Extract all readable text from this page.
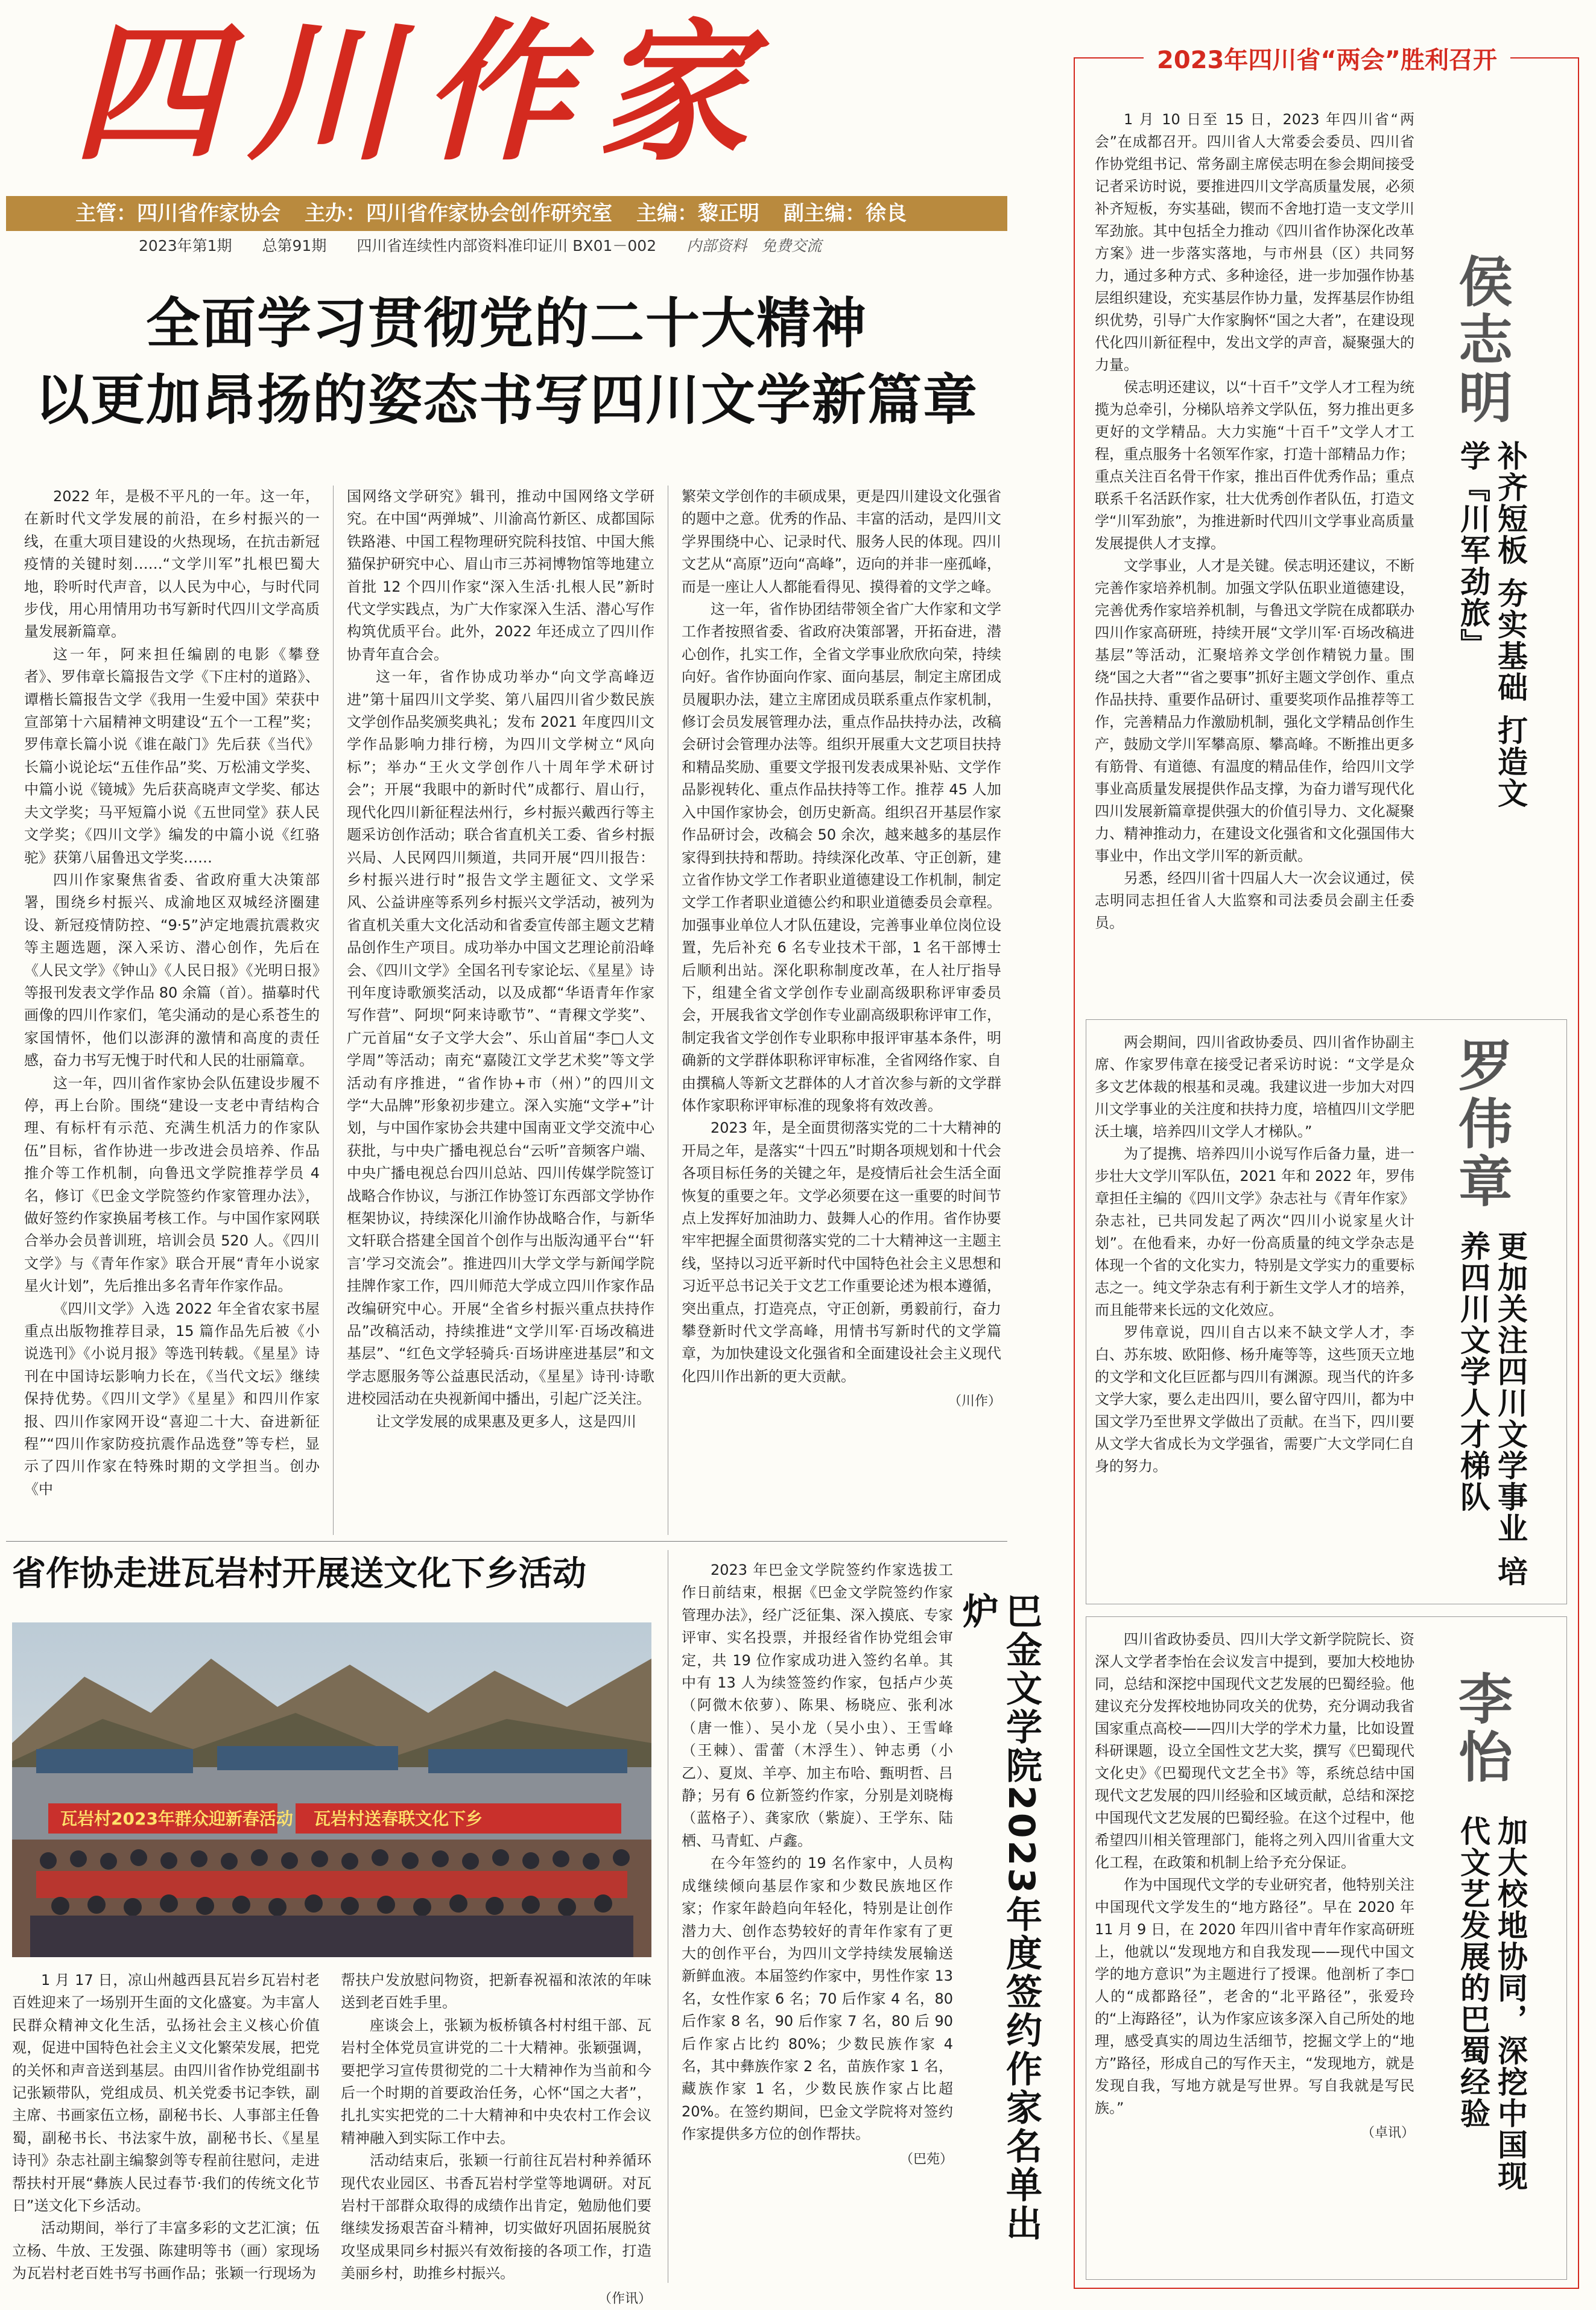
四川作家
主管：四川省作家协会 主办：四川省作家协会创作研究室 主编：黎正明 副主编：徐良
2023年第1期 总第91期 四川省连续性内部资料准印证川 BX01－002 内部资料 免费交流
全面学习贯彻党的二十大精神
以更加昂扬的姿态书写四川文学新篇章

2022 年，是极不平凡的一年。这一年，在新时代文学发展的前沿，在乡村振兴的一线，在重大项目建设的火热现场，在抗击新冠疫情的关键时刻……“文学川军”扎根巴蜀大地，聆听时代声音，以人民为中心，与时代同步伐，用心用情用功书写新时代四川文学高质量发展新篇章。

这一年，阿来担任编剧的电影《攀登者》、罗伟章长篇报告文学《下庄村的道路》、谭楷长篇报告文学《我用一生爱中国》荣获中宣部第十六届精神文明建设“五个一工程”奖；罗伟章长篇小说《谁在敲门》先后获《当代》长篇小说论坛“五佳作品”奖、万松浦文学奖、中篇小说《镜城》先后获高晓声文学奖、郁达夫文学奖；马平短篇小说《五世同堂》获人民文学奖；《四川文学》编发的中篇小说《红骆驼》获第八届鲁迅文学奖……

四川作家聚焦省委、省政府重大决策部署，围绕乡村振兴、成渝地区双城经济圈建设、新冠疫情防控、“9·5”泸定地震抗震救灾等主题选题，深入采访、潜心创作，先后在《人民文学》《钟山》《人民日报》《光明日报》等报刊发表文学作品 80 余篇（首）。描摹时代画像的四川作家们，笔尖涌动的是心系苍生的家国情怀，他们以澎湃的激情和高度的责任感，奋力书写无愧于时代和人民的壮丽篇章。

这一年，四川省作家协会队伍建设步履不停，再上台阶。围绕“建设一支老中青结构合理、有标杆有示范、充满生机活力的作家队伍”目标，省作协进一步改进会员培养、作品推介等工作机制，向鲁迅文学院推荐学员 4 名，修订《巴金文学院签约作家管理办法》，做好签约作家换届考核工作。与中国作家网联合举办会员普训班，培训会员 520 人。《四川文学》与《青年作家》联合开展“青年小说家星火计划”，先后推出多名青年作家作品。

《四川文学》入选 2022 年全省农家书屋重点出版物推荐目录，15 篇作品先后被《小说选刊》《小说月报》等选刊转载。《星星》诗刊在中国诗坛影响力长在，《当代文坛》继续保持优势。《四川文学》《星星》和四川作家报、四川作家网开设“喜迎二十大、奋进新征程”“四川作家防疫抗震作品选登”等专栏，显示了四川作家在特殊时期的文学担当。创办《中

国网络文学研究》辑刊，推动中国网络文学研究。在中国“两弹城”、川渝高竹新区、成都国际铁路港、中国工程物理研究院科技馆、中国大熊猫保护研究中心、眉山市三苏祠博物馆等地建立首批 12 个四川作家“深入生活·扎根人民”新时代文学实践点，为广大作家深入生活、潜心写作构筑优质平台。此外，2022 年还成立了四川作协青年直合会。

这一年，省作协成功举办“向文学高峰迈进”第十届四川文学奖、第八届四川省少数民族文学创作品奖颁奖典礼；发布 2021 年度四川文学作品影响力排行榜，为四川文学树立“风向标”；举办“王火文学创作八十周年学术研讨会”；开展“我眼中的新时代”成都行、眉山行，现代化四川新征程法州行，乡村振兴戴西行等主题采访创作活动；联合省直机关工委、省乡村振兴局、人民网四川频道，共同开展“四川报告：乡村振兴进行时”报告文学主题征文、文学采风、公益讲座等系列乡村振兴文学活动，被列为省直机关重大文化活动和省委宣传部主题文艺精品创作生产项目。成功举办中国文艺理论前沿峰会、《四川文学》全国名刊专家论坛、《星星》诗刊年度诗歌颁奖活动，以及成都“华语青年作家写作营”、阿坝“阿来诗歌节”、“青稞文学奖”、广元首届“女子文学大会”、乐山首届“李□人文学周”等活动；南充“嘉陵江文学艺术奖”等文学活动有序推进，“省作协+市（州）”的四川文学“大品牌”形象初步建立。深入实施“文学+”计划，与中国作家协会共建中国南亚文学交流中心获批，与中央广播电视总台“云听”音频客户端、中央广播电视总台四川总站、四川传媒学院签订战略合作协议，与浙江作协签订东西部文学协作框架协议，持续深化川渝作协战略合作，与新华文轩联合搭建全国首个创作与出版沟通平台“‘轩言’学习交流会”。推进四川大学文学与新闻学院挂牌作家工作，四川师范大学成立四川作家作品改编研究中心。开展“全省乡村振兴重点扶持作品”改稿活动，持续推进“文学川军·百场改稿进基层”、“红色文学轻骑兵·百场讲座进基层”和文学志愿服务等公益惠民活动，《星星》诗刊·诗歌进校园活动在央视新闻中播出，引起广泛关注。

让文学发展的成果惠及更多人，这是四川

繁荣文学创作的丰硕成果，更是四川建设文化强省的题中之意。优秀的作品、丰富的活动，是四川文学界围绕中心、记录时代、服务人民的体现。四川文艺从“高原”迈向“高峰”，迈向的并非一座孤峰，而是一座让人人都能看得见、摸得着的文学之峰。

这一年，省作协团结带领全省广大作家和文学工作者按照省委、省政府决策部署，开拓奋进，潜心创作，扎实工作，全省文学事业欣欣向荣，持续向好。省作协面向作家、面向基层，制定主席团成员履职办法，建立主席团成员联系重点作家机制，修订会员发展管理办法，重点作品扶持办法，改稿会研讨会管理办法等。组织开展重大文艺项目扶持和精品奖励、重要文学报刊发表成果补贴、文学作品影视转化、重点作品扶持等工作。推荐 45 人加入中国作家协会，创历史新高。组织召开基层作家作品研讨会，改稿会 50 余次，越来越多的基层作家得到扶持和帮助。持续深化改革、守正创新，建立省作协文学工作者职业道德建设工作机制，制定文学工作者职业道德公约和职业道德委员会章程。加强事业单位人才队伍建设，完善事业单位岗位设置，先后补充 6 名专业技术干部，1 名干部博士后顺利出站。深化职称制度改革，在人社厅指导下，组建全省文学创作专业副高级职称评审委员会，开展我省文学创作专业副高级职称评审工作，制定我省文学创作专业职称申报评审基本条件，明确新的文学群体职称评审标准，全省网络作家、自由撰稿人等新文艺群体的人才首次参与新的文学群体作家职称评审标准的现象将有效改善。

2023 年，是全面贯彻落实党的二十大精神的开局之年，是落实“十四五”时期各项规划和十代会各项目标任务的关键之年，是疫情后社会生活全面恢复的重要之年。文学必须要在这一重要的时间节点上发挥好加油助力、鼓舞人心的作用。省作协要牢牢把握全面贯彻落实党的二十大精神这一主题主线，坚持以习近平新时代中国特色社会主义思想和习近平总书记关于文艺工作重要论述为根本遵循，突出重点，打造亮点，守正创新，勇毅前行，奋力攀登新时代文学高峰，用情书写新时代的文学篇章，为加快建设文化强省和全面建设社会主义现代化四川作出新的更大贡献。

（川作）
省作协走进瓦岩村开展送文化下乡活动
瓦岩村2023年群众迎新春活动 瓦岩村送春联文化下乡

1 月 17 日，凉山州越西县瓦岩乡瓦岩村老百姓迎来了一场别开生面的文化盛宴。为丰富人民群众精神文化生活，弘扬社会主义核心价值观，促进中国特色社会主义文化繁荣发展，把党的关怀和声音送到基层。由四川省作协党组副书记张颖带队，党组成员、机关党委书记李铁，副主席、书画家伍立杨，副秘书长、人事部主任鲁蜀，副秘书长、书法家牛放，副秘书长、《星星诗刊》杂志社副主编黎剑等专程前往慰问，走进帮扶村开展“彝族人民过春节·我们的传统文化节日”送文化下乡活动。

活动期间，举行了丰富多彩的文艺汇演；伍立杨、牛放、王发强、陈建明等书（画）家现场为瓦岩村老百姓书写书画作品；张颖一行现场为

帮扶户发放慰问物资，把新春祝福和浓浓的年味送到老百姓手里。

座谈会上，张颖为板桥镇各村村组干部、瓦岩村全体党员宣讲党的二十大精神。张颖强调，要把学习宣传贯彻党的二十大精神作为当前和今后一个时期的首要政治任务，心怀“国之大者”，扎扎实实把党的二十大精神和中央农村工作会议精神融入到实际工作中去。

活动结束后，张颖一行前往瓦岩村种养循环现代农业园区、书香瓦岩村学堂等地调研。对瓦岩村干部群众取得的成绩作出肯定，勉励他们要继续发扬艰苦奋斗精神，切实做好巩固拓展脱贫攻坚成果同乡村振兴有效衔接的各项工作，打造美丽乡村，助推乡村振兴。

（作讯）

2023 年巴金文学院签约作家选拔工作日前结束，根据《巴金文学院签约作家管理办法》，经广泛征集、深入摸底、专家评审、实名投票，并报经省作协党组会审定，共 19 位作家成功进入签约名单。其中有 13 人为续签签约作家，包括卢少英（阿微木依萝）、陈果、杨晓应、张利冰（唐一惟）、吴小龙（吴小虫）、王雪峰（王棘）、雷蕾（木浮生）、钟志勇（小乙）、夏岚、羊亭、加主布哈、甄明哲、吕静；另有 6 位新签约作家，分别是刘晓梅（蓝格子）、龚家欣（紫旋）、王学东、陆栖、马青虹、卢鑫。

在今年签约的 19 名作家中，人员构成继续倾向基层作家和少数民族地区作家；作家年龄趋向年轻化，特别是让创作潜力大、创作态势较好的青年作家有了更大的创作平台，为四川文学持续发展输送新鲜血液。本届签约作家中，男性作家 13 名，女性作家 6 名；70 后作家 4 名，80 后作家 8 名，90 后作家 7 名，80 后 90 后作家占比约 80%；少数民族作家 4 名，其中彝族作家 2 名，苗族作家 1 名，藏族作家 1 名，少数民族作家占比超 20%。在签约期间，巴金文学院将对签约作家提供多方位的创作帮扶。

（巴苑）	巴金文学院2023年度签约作家名单出炉
2023年四川省“两会”胜利召开

1 月 10 日至 15 日，2023 年四川省“两会”在成都召开。四川省人大常委会委员、四川省作协党组书记、常务副主席侯志明在参会期间接受记者采访时说，要推进四川文学高质量发展，必须补齐短板，夯实基础，锲而不舍地打造一支文学川军劲旅。其中包括全力推动《四川省作协深化改革方案》进一步落实落地，与市州县（区）共同努力，通过多种方式、多种途径，进一步加强作协基层组织建设，充实基层作协力量，发挥基层作协组织优势，引导广大作家胸怀“国之大者”，在建设现代化四川新征程中，发出文学的声音，凝聚强大的力量。

侯志明还建议，以“十百千”文学人才工程为统揽为总牵引，分梯队培养文学队伍，努力推出更多更好的文学精品。大力实施“十百千”文学人才工程，重点服务十名领军作家，打造十部精品力作；重点关注百名骨干作家，推出百件优秀作品；重点联系千名活跃作家，壮大优秀创作者队伍，打造文学“川军劲旅”，为推进新时代四川文学事业高质量发展提供人才支撑。

文学事业，人才是关键。侯志明还建议，不断完善作家培养机制。加强文学队伍职业道德建设，完善优秀作家培养机制，与鲁迅文学院在成都联办四川作家高研班，持续开展“文学川军·百场改稿进基层”等活动，汇聚培养文学创作精锐力量。围绕“国之大者”“省之要事”抓好主题文学创作、重点作品扶持、重要作品研讨、重要奖项作品推荐等工作，完善精品力作激励机制，强化文学精品创作生产，鼓励文学川军攀高原、攀高峰。不断推出更多有筋骨、有道德、有温度的精品佳作，给四川文学事业高质量发展提供作品支撑，为奋力谱写现代化四川发展新篇章提供强大的价值引导力、文化凝聚力、精神推动力，在建设文化强省和文化强国伟大事业中，作出文学川军的新贡献。

另悉，经四川省十四届人大一次会议通过，侯志明同志担任省人大监察和司法委员会副主任委员。

侯志明
补齐短板 夯实基础 打造文学『川军劲旅』

两会期间，四川省政协委员、四川省作协副主席、作家罗伟章在接受记者采访时说：“文学是众多文艺体裁的根基和灵魂。我建议进一步加大对四川文学事业的关注度和扶持力度，培植四川文学肥沃土壤，培养四川文学人才梯队。”

为了提携、培养四川小说写作后备力量，进一步壮大文学川军队伍，2021 年和 2022 年，罗伟章担任主编的《四川文学》杂志社与《青年作家》杂志社，已共同发起了两次“四川小说家星火计划”。在他看来，办好一份高质量的纯文学杂志是体现一个省的文化实力，特别是文学实力的重要标志之一。纯文学杂志有利于新生文学人才的培养，而且能带来长远的文化效应。

罗伟章说，四川自古以来不缺文学人才，李白、苏东坡、欧阳修、杨升庵等等，这些顶天立地的文学和文化巨匠都与四川有渊源。现当代的许多文学大家，要么走出四川，要么留守四川，都为中国文学乃至世界文学做出了贡献。在当下，四川要从文学大省成长为文学强省，需要广大文学同仁自身的努力。

罗伟章
更加关注四川文学事业 培养四川文学人才梯队

四川省政协委员、四川大学文新学院院长、资深人文学者李怡在会议发言中提到，要加大校地协同，总结和深挖中国现代文艺发展的巴蜀经验。他建议充分发挥校地协同攻关的优势，充分调动我省国家重点高校——四川大学的学术力量，比如设置科研课题，设立全国性文艺大奖，撰写《巴蜀现代文化史》《巴蜀现代文艺全书》等，系统总结中国现代文艺发展的四川经验和区域贡献，总结和深挖中国现代文艺发展的巴蜀经验。在这个过程中，他希望四川相关管理部门，能将之列入四川省重大文化工程，在政策和机制上给予充分保证。

作为中国现代文学的专业研究者，他特别关注中国现代文学发生的“地方路径”。早在 2020 年 11 月 9 日，在 2020 年四川省中青年作家高研班上，他就以“发现地方和自我发现——现代中国文学的地方意识”为主题进行了授课。他剖析了李□人的“成都路径”，老舍的“北平路径”，张爱玲的“上海路径”，认为作家应该多深入自己所处的地理，感受真实的周边生活细节，挖掘文学上的“地方”路径，形成自己的写作天主，“发现地方，就是发现自我，写地方就是写世界。写自我就是写民族。”

（卓讯）
李怡
加大校地协同，深挖中国现代文艺发展的巴蜀经验
